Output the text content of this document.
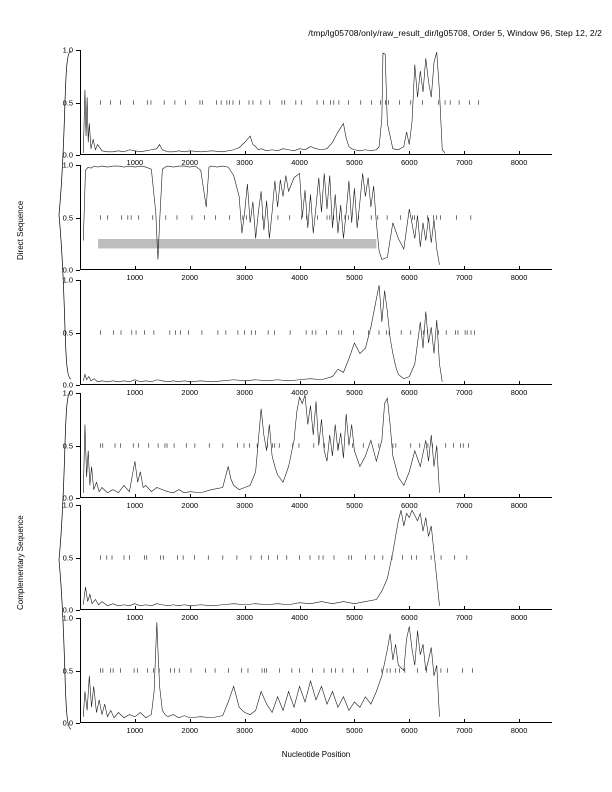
/tmp/lg05708/only/raw_result_dir/lg05708, Order 5, Window 96, Step 12, 2/2
Direct Sequence
Complementary Sequence
Nucleotide Position
0.0
0.5
1.0
1000	2000	3000	4000	5000	6000	7000	8000
0.0
0.5
1.0
1000	2000	3000	4000	5000	6000	7000	8000
0.0
0.5
1.0
1000	2000	3000	4000	5000	6000	7000	8000
0.0
0.5
1.0
1000	2000	3000	4000	5000	6000	7000	8000
0.0
0.5
1.0
1000	2000	3000	4000	5000	6000	7000	8000
0.0
0.5
1.0
1000	2000	3000	4000	5000	6000	7000	8000
